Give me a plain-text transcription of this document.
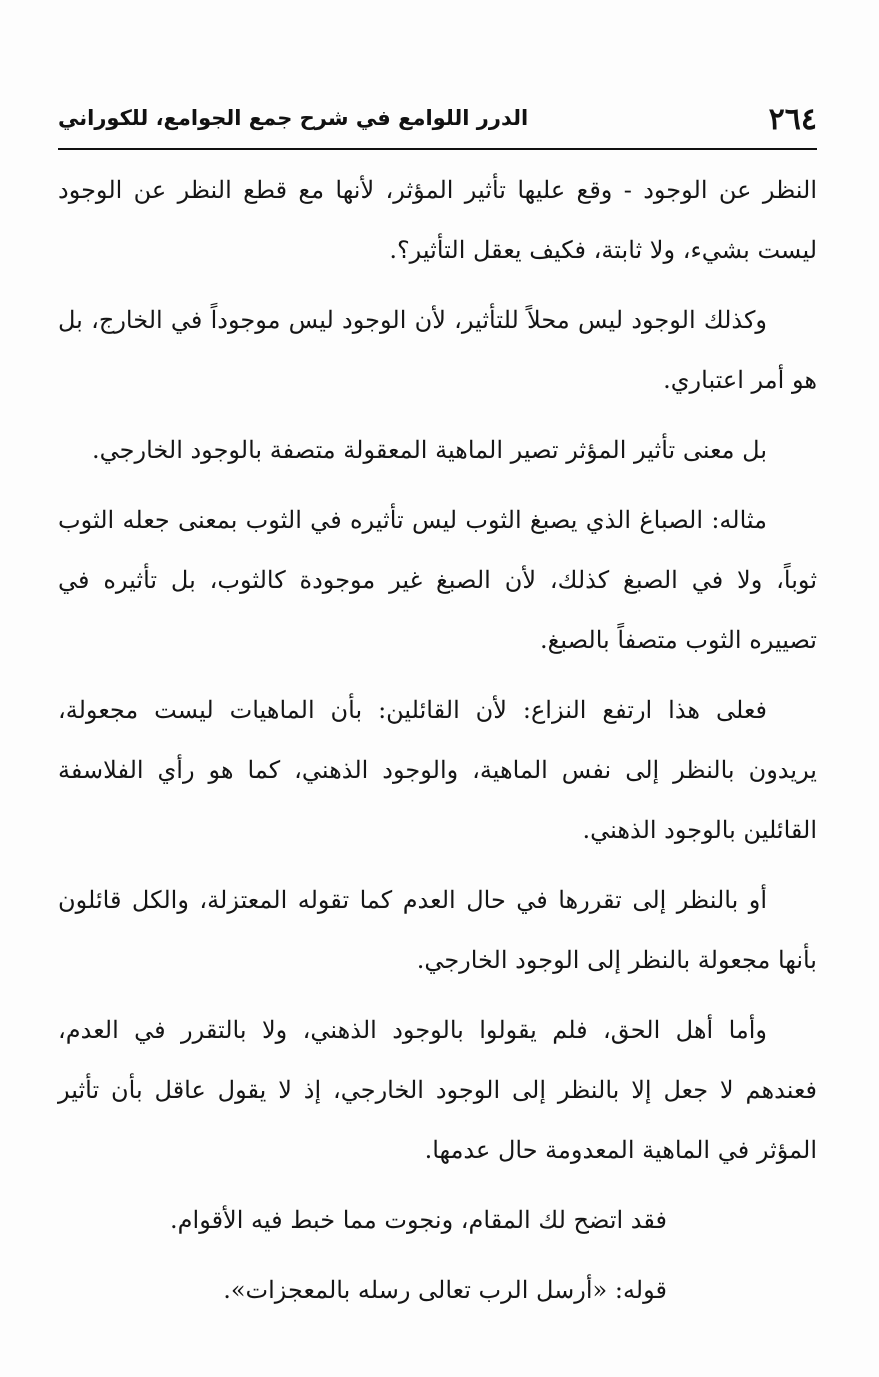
٢٦٤
الدرر اللوامع في شرح جمع الجوامع، للكوراني

النظر عن الوجود - وقع عليها تأثير المؤثر، لأنها مع قطع النظر عن الوجود ليست بشيء، ولا ثابتة، فكيف يعقل التأثير؟.

وكذلك الوجود ليس محلاً للتأثير، لأن الوجود ليس موجوداً في الخارج، بل هو أمر اعتباري.

بل معنى تأثير المؤثر تصير الماهية المعقولة متصفة بالوجود الخارجي.

مثاله: الصباغ الذي يصبغ الثوب ليس تأثيره في الثوب بمعنى جعله الثوب ثوباً، ولا في الصبغ كذلك، لأن الصبغ غير موجودة كالثوب، بل تأثيره في تصييره الثوب متصفاً بالصبغ.

فعلى هذا ارتفع النزاع: لأن القائلين: بأن الماهيات ليست مجعولة، يريدون بالنظر إلى نفس الماهية، والوجود الذهني، كما هو رأي الفلاسفة القائلين بالوجود الذهني.

أو بالنظر إلى تقررها في حال العدم كما تقوله المعتزلة، والكل قائلون بأنها مجعولة بالنظر إلى الوجود الخارجي.

وأما أهل الحق، فلم يقولوا بالوجود الذهني، ولا بالتقرر في العدم، فعندهم لا جعل إلا بالنظر إلى الوجود الخارجي، إذ لا يقول عاقل بأن تأثير المؤثر في الماهية المعدومة حال عدمها.

فقد اتضح لك المقام، ونجوت مما خبط فيه الأقوام.

قوله: «أرسل الرب تعالى رسله بالمعجزات».
